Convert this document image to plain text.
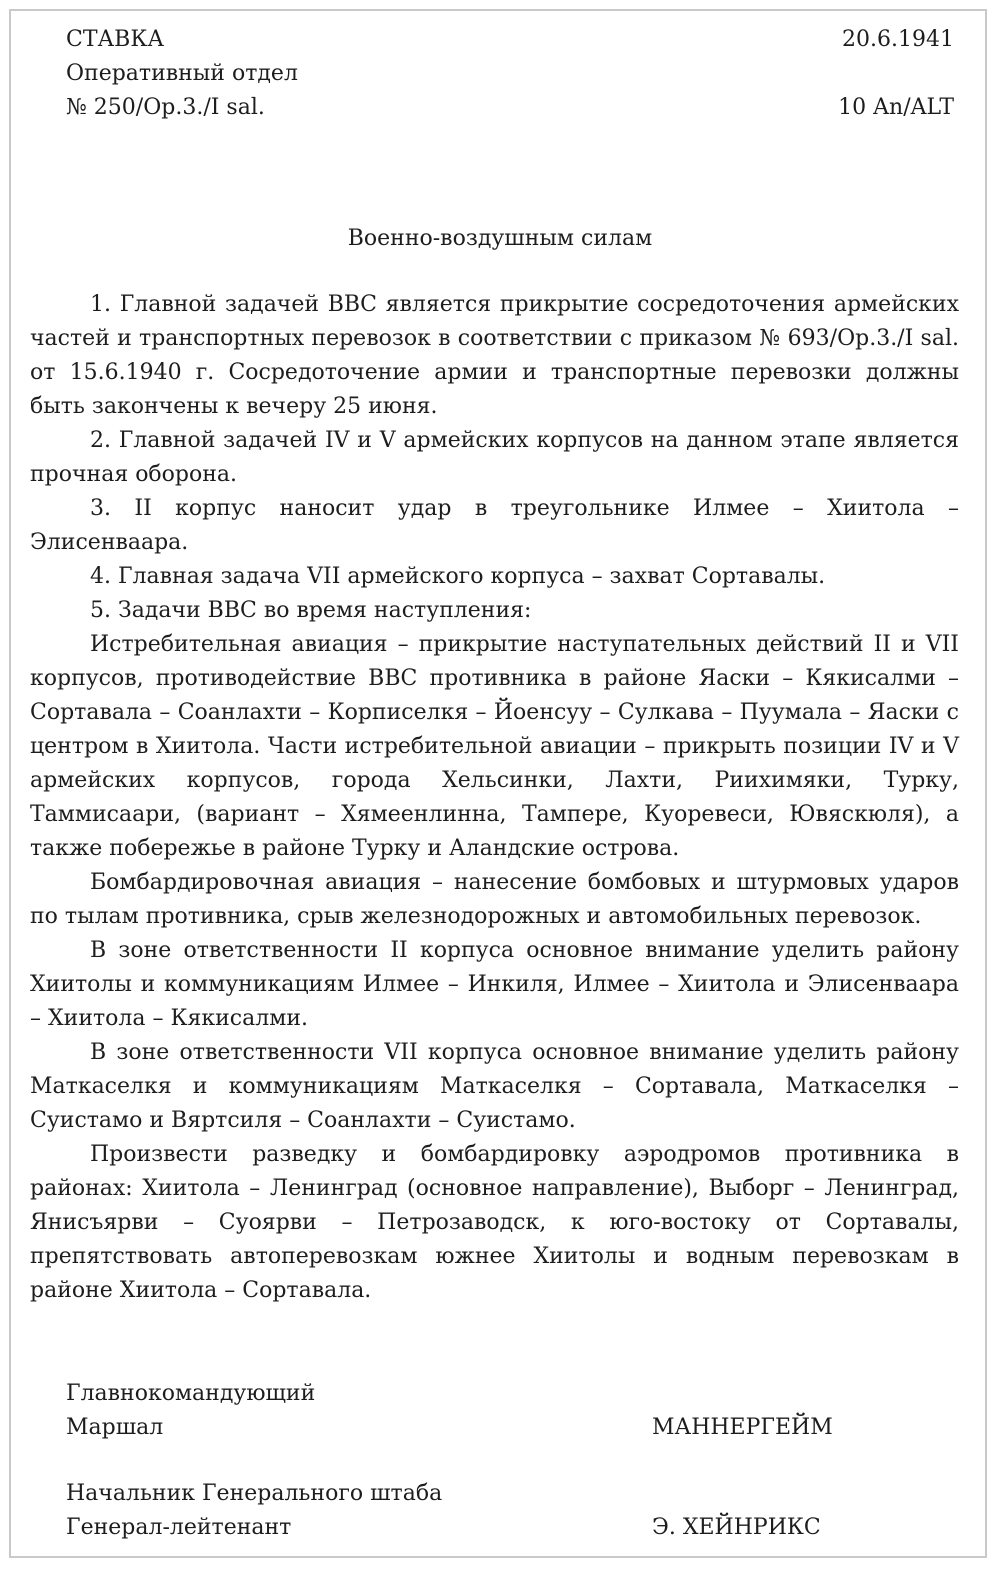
СТАВКА
Оперативный отдел
№ 250/Op.3./I sal.
20.6.1941
10 An/ALT
Военно-воздушным силам

1. Главной задачей ВВС является прикрытие сосредоточения армейских частей и транспортных перевозок в соответствии с приказом № 693/Op.3./I sal. от 15.6.1940 г. Сосредоточение армии и транспортные перевозки должны быть закончены к вечеру 25 июня.

2. Главной задачей IV и V армейских корпусов на данном этапе является прочная оборона.

3. II корпус наносит удар в треугольнике Илмее – Хиитола – Элисенваара.

4. Главная задача VII армейского корпуса – захват Сортавалы.

5. Задачи ВВС во время наступления:

Истребительная авиация – прикрытие наступательных действий II и VII корпусов, противодействие ВВС противника в районе Яаски – Кякисалми – Сортавала – Соанлахти – Корписелкя – Йоенсуу – Сулкава – Пуумала – Яаски с центром в Хиитола. Части истребительной авиации – прикрыть позиции IV и V армейских корпусов, города Хельсинки, Лахти, Риихимяки, Турку, Таммисаари, (вариант – Хямеенлинна, Тампере, Куоревеси, Ювяскюля), а также побережье в районе Турку и Аландские острова.

Бомбардировочная авиация – нанесение бомбовых и штурмовых ударов по тылам противника, срыв железнодорожных и автомобильных перевозок.

В зоне ответственности II корпуса основное внимание уделить району Хиитолы и коммуникациям Илмее – Инкиля, Илмее – Хиитола и Элисенваара – Хиитола – Кякисалми.

В зоне ответственности VII корпуса основное внимание уделить району Маткаселкя и коммуникациям Маткаселкя – Сортавала, Маткаселкя – Суистамо и Вяртсиля – Соанлахти – Суистамо.

Произвести разведку и бомбардировку аэродромов противника в районах: Хиитола – Ленинград (основное направление), Выборг – Ленинград, Янисъярви – Суоярви – Петрозаводск, к юго-востоку от Сортавалы, препятствовать автоперевозкам южнее Хиитолы и водным перевозкам в районе Хиитола – Сортавала.

Главнокомандующий
Маршал	МАННЕРГЕЙМ
Начальник Генерального штаба
Генерал-лейтенант	Э. ХЕЙНРИКС
